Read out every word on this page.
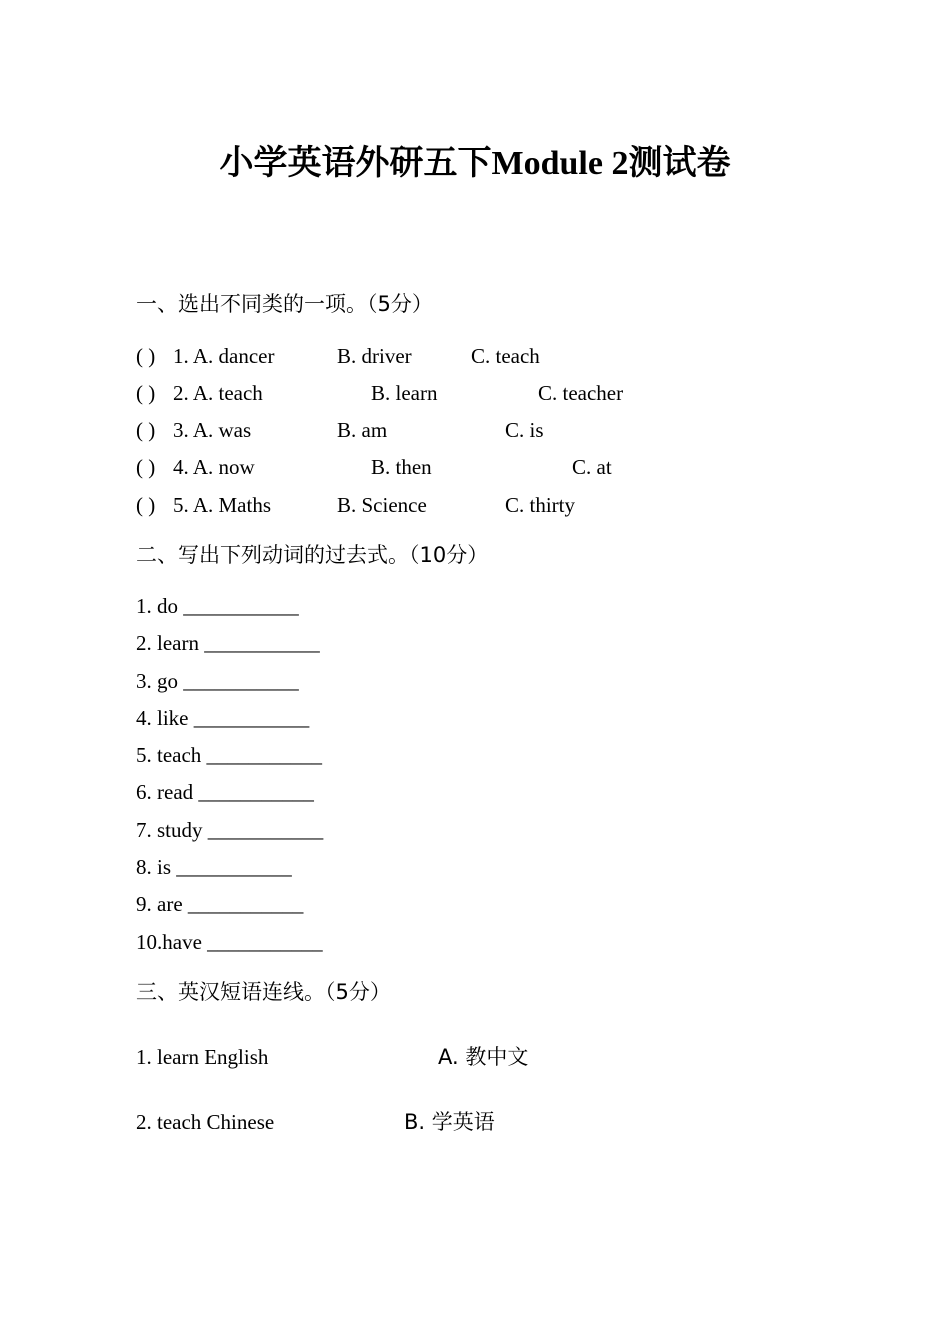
小学英语外研五下Module 2测试卷
一、选出不同类的一项。（5分）
( ) 1. A. dancer	B. driver	C. teach
( ) 2. A. teach	B. learn	C. teacher
( ) 3. A. was	B. am	C. is
( ) 4. A. now	B. then	C. at
( ) 5. A. Maths	B. Science	C. thirty
二、写出下列动词的过去式。（10分）
1. do ___________
2. learn ___________
3. go ___________
4. like ___________
5. teach ___________
6. read ___________
7. study ___________
8. is ___________
9. are ___________
10.have ___________
三、英汉短语连线。（5分）
1. learn English	A. 教中文
2. teach Chinese	B. 学英语
